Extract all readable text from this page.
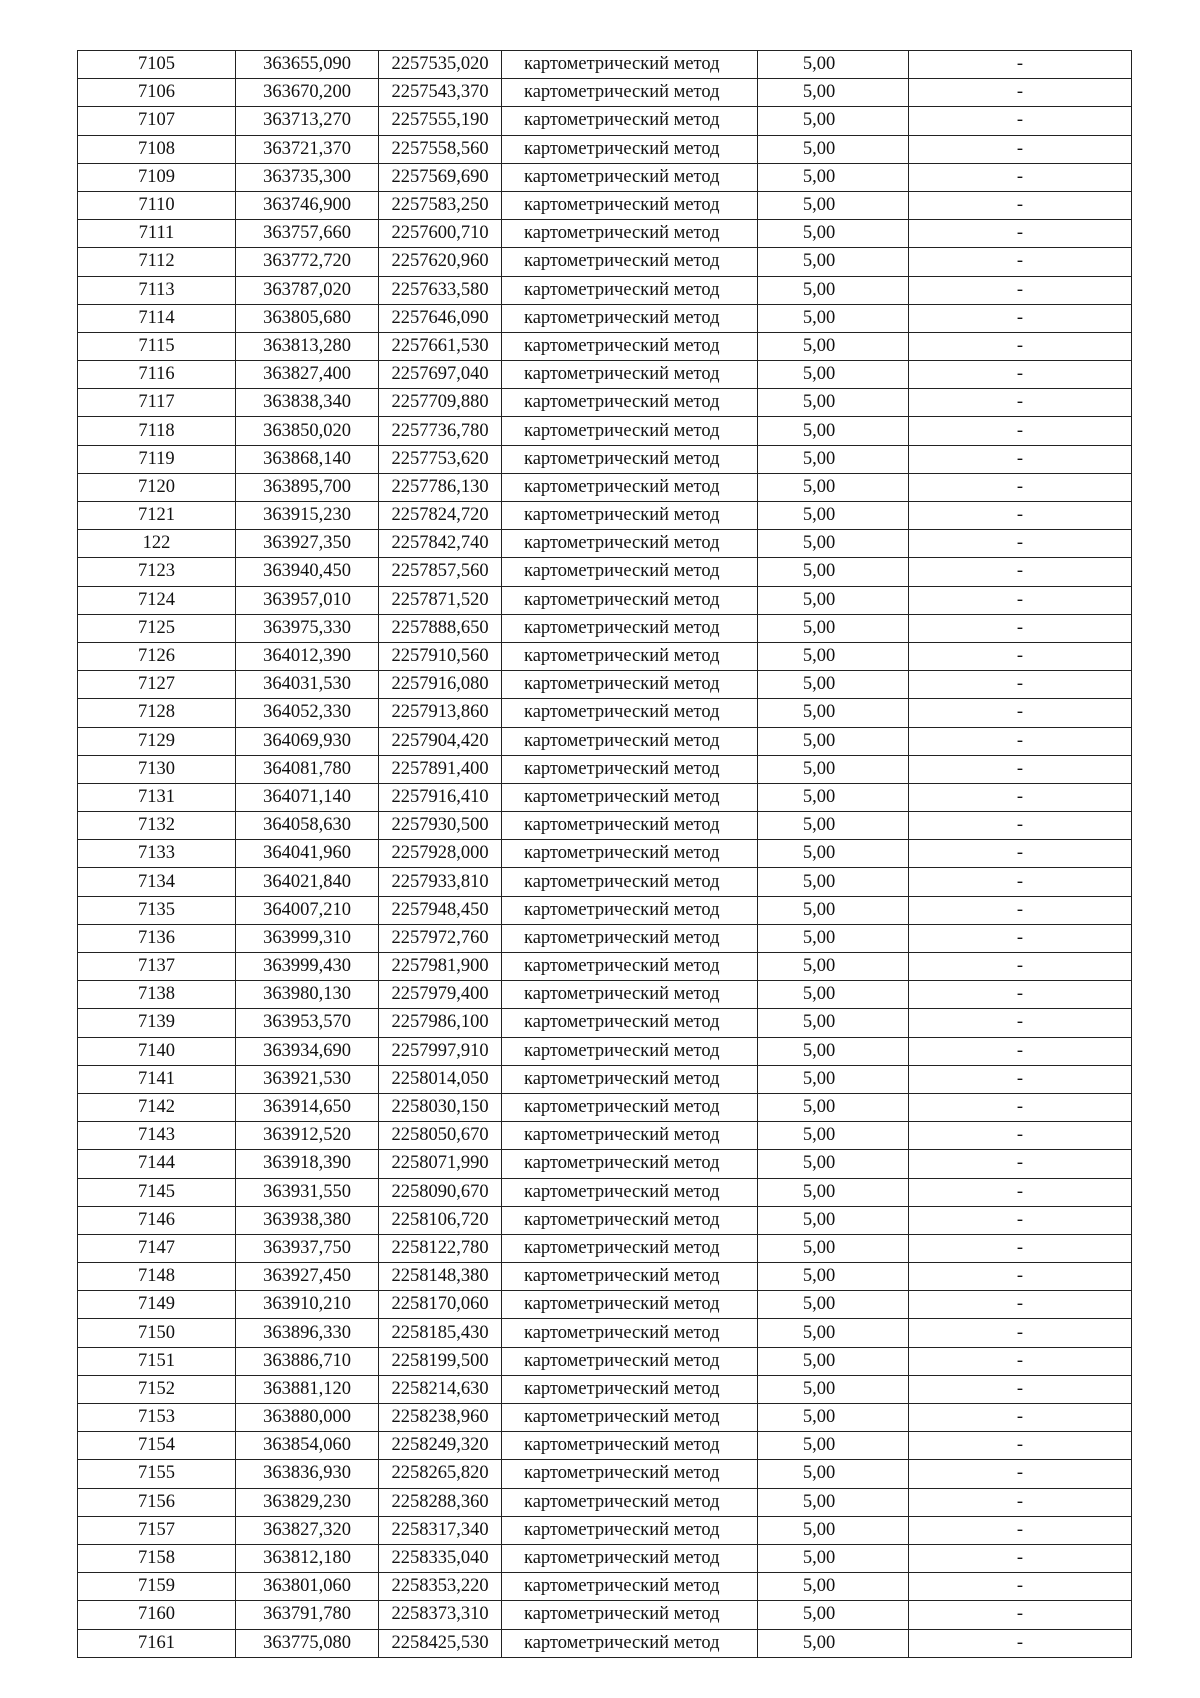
7105	363655,090	2257535,020	картометрический метод	5,00	-
7106	363670,200	2257543,370	картометрический метод	5,00	-
7107	363713,270	2257555,190	картометрический метод	5,00	-
7108	363721,370	2257558,560	картометрический метод	5,00	-
7109	363735,300	2257569,690	картометрический метод	5,00	-
7110	363746,900	2257583,250	картометрический метод	5,00	-
7111	363757,660	2257600,710	картометрический метод	5,00	-
7112	363772,720	2257620,960	картометрический метод	5,00	-
7113	363787,020	2257633,580	картометрический метод	5,00	-
7114	363805,680	2257646,090	картометрический метод	5,00	-
7115	363813,280	2257661,530	картометрический метод	5,00	-
7116	363827,400	2257697,040	картометрический метод	5,00	-
7117	363838,340	2257709,880	картометрический метод	5,00	-
7118	363850,020	2257736,780	картометрический метод	5,00	-
7119	363868,140	2257753,620	картометрический метод	5,00	-
7120	363895,700	2257786,130	картометрический метод	5,00	-
7121	363915,230	2257824,720	картометрический метод	5,00	-
122	363927,350	2257842,740	картометрический метод	5,00	-
7123	363940,450	2257857,560	картометрический метод	5,00	-
7124	363957,010	2257871,520	картометрический метод	5,00	-
7125	363975,330	2257888,650	картометрический метод	5,00	-
7126	364012,390	2257910,560	картометрический метод	5,00	-
7127	364031,530	2257916,080	картометрический метод	5,00	-
7128	364052,330	2257913,860	картометрический метод	5,00	-
7129	364069,930	2257904,420	картометрический метод	5,00	-
7130	364081,780	2257891,400	картометрический метод	5,00	-
7131	364071,140	2257916,410	картометрический метод	5,00	-
7132	364058,630	2257930,500	картометрический метод	5,00	-
7133	364041,960	2257928,000	картометрический метод	5,00	-
7134	364021,840	2257933,810	картометрический метод	5,00	-
7135	364007,210	2257948,450	картометрический метод	5,00	-
7136	363999,310	2257972,760	картометрический метод	5,00	-
7137	363999,430	2257981,900	картометрический метод	5,00	-
7138	363980,130	2257979,400	картометрический метод	5,00	-
7139	363953,570	2257986,100	картометрический метод	5,00	-
7140	363934,690	2257997,910	картометрический метод	5,00	-
7141	363921,530	2258014,050	картометрический метод	5,00	-
7142	363914,650	2258030,150	картометрический метод	5,00	-
7143	363912,520	2258050,670	картометрический метод	5,00	-
7144	363918,390	2258071,990	картометрический метод	5,00	-
7145	363931,550	2258090,670	картометрический метод	5,00	-
7146	363938,380	2258106,720	картометрический метод	5,00	-
7147	363937,750	2258122,780	картометрический метод	5,00	-
7148	363927,450	2258148,380	картометрический метод	5,00	-
7149	363910,210	2258170,060	картометрический метод	5,00	-
7150	363896,330	2258185,430	картометрический метод	5,00	-
7151	363886,710	2258199,500	картометрический метод	5,00	-
7152	363881,120	2258214,630	картометрический метод	5,00	-
7153	363880,000	2258238,960	картометрический метод	5,00	-
7154	363854,060	2258249,320	картометрический метод	5,00	-
7155	363836,930	2258265,820	картометрический метод	5,00	-
7156	363829,230	2258288,360	картометрический метод	5,00	-
7157	363827,320	2258317,340	картометрический метод	5,00	-
7158	363812,180	2258335,040	картометрический метод	5,00	-
7159	363801,060	2258353,220	картометрический метод	5,00	-
7160	363791,780	2258373,310	картометрический метод	5,00	-
7161	363775,080	2258425,530	картометрический метод	5,00	-
